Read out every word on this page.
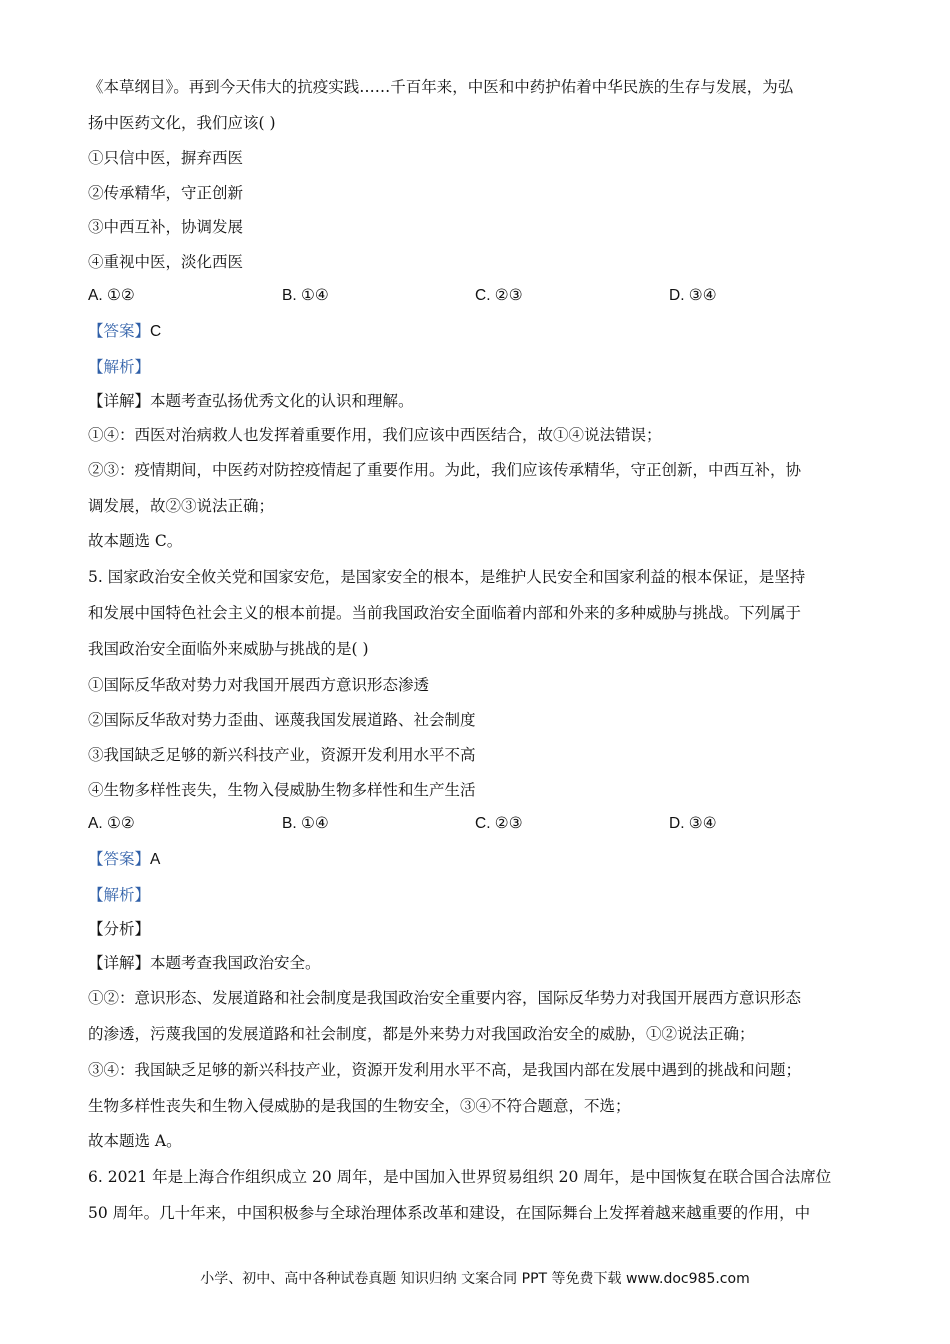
《本草纲目》。再到今天伟大的抗疫实践……千百年来，中医和中药护佑着中华民族的生存与发展，为弘
扬中医药文化，我们应该( )
①只信中医，摒弃西医
②传承精华，守正创新
③中西互补，协调发展
④重视中医，淡化西医
A. ①②	B. ①④	C. ②③	D. ③④
【答案】C
【解析】
【详解】本题考查弘扬优秀文化的认识和理解。
①④：西医对治病救人也发挥着重要作用，我们应该中西医结合，故①④说法错误；
②③：疫情期间，中医药对防控疫情起了重要作用。为此，我们应该传承精华，守正创新，中西互补，协
调发展，故②③说法正确；
故本题选 C。
5. 国家政治安全攸关党和国家安危，是国家安全的根本，是维护人民安全和国家利益的根本保证，是坚持
和发展中国特色社会主义的根本前提。当前我国政治安全面临着内部和外来的多种威胁与挑战。下列属于
我国政治安全面临外来威胁与挑战的是( )
①国际反华敌对势力对我国开展西方意识形态渗透
②国际反华敌对势力歪曲、诬蔑我国发展道路、社会制度
③我国缺乏足够的新兴科技产业，资源开发利用水平不高
④生物多样性丧失，生物入侵威胁生物多样性和生产生活
A. ①②	B. ①④	C. ②③	D. ③④
【答案】A
【解析】
【分析】
【详解】本题考查我国政治安全。
①②：意识形态、发展道路和社会制度是我国政治安全重要内容，国际反华势力对我国开展西方意识形态
的渗透，污蔑我国的发展道路和社会制度，都是外来势力对我国政治安全的威胁，①②说法正确；
③④：我国缺乏足够的新兴科技产业，资源开发利用水平不高，是我国内部在发展中遇到的挑战和问题；
生物多样性丧失和生物入侵威胁的是我国的生物安全，③④不符合题意，不选；
故本题选 A。
6. 2021 年是上海合作组织成立 20 周年，是中国加入世界贸易组织 20 周年，是中国恢复在联合国合法席位
50 周年。几十年来，中国积极参与全球治理体系改革和建设，在国际舞台上发挥着越来越重要的作用，中
小学、初中、高中各种试卷真题 知识归纳 文案合同 PPT 等免费下载 www.doc985.com
